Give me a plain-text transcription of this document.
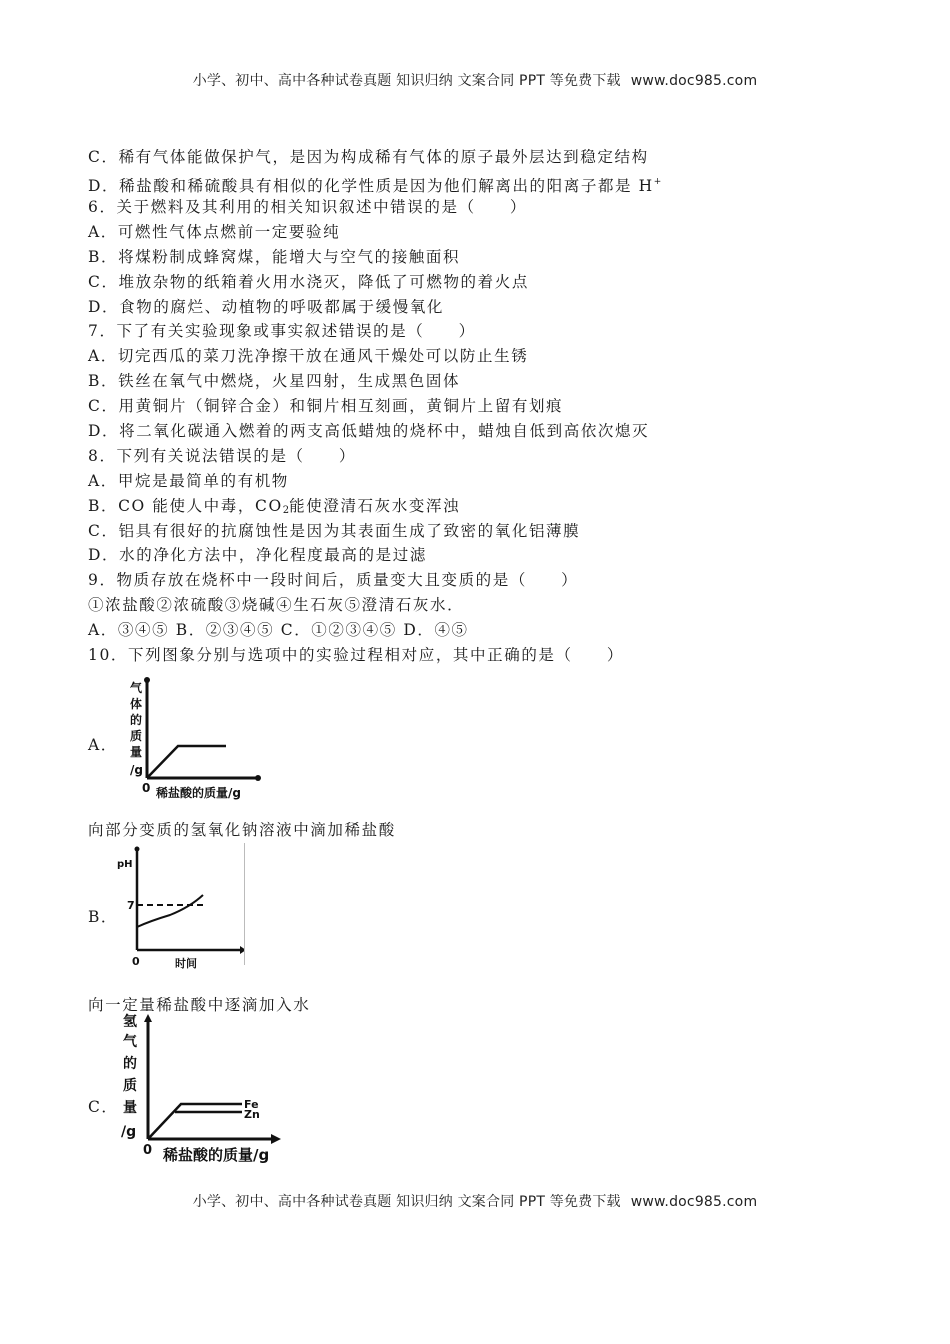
小学、初中、高中各种试卷真题 知识归纳 文案合同 PPT 等免费下载 www.doc985.com
C．稀有气体能做保护气，是因为构成稀有气体的原子最外层达到稳定结构
D．稀盐酸和稀硫酸具有相似的化学性质是因为他们解离出的阳离子都是 H+
6．关于燃料及其利用的相关知识叙述中错误的是（　　）
A．可燃性气体点燃前一定要验纯
B．将煤粉制成蜂窝煤，能增大与空气的接触面积
C．堆放杂物的纸箱着火用水浇灭，降低了可燃物的着火点
D．食物的腐烂、动植物的呼吸都属于缓慢氧化
7．下了有关实验现象或事实叙述错误的是（　　）
A．切完西瓜的菜刀洗净擦干放在通风干燥处可以防止生锈
B．铁丝在氧气中燃烧，火星四射，生成黑色固体
C．用黄铜片（铜锌合金）和铜片相互刻画，黄铜片上留有划痕
D．将二氧化碳通入燃着的两支高低蜡烛的烧杯中，蜡烛自低到高依次熄灭
8．下列有关说法错误的是（　　）
A．甲烷是最简单的有机物
B．CO 能使人中毒，$CO_2$能使澄清石灰水变浑浊
C．铝具有很好的抗腐蚀性是因为其表面生成了致密的氧化铝薄膜
D．水的净化方法中，净化程度最高的是过滤
9．物质存放在烧杯中一段时间后，质量变大且变质的是（　　）
①浓盐酸②浓硫酸③烧碱④生石灰⑤澄清石灰水．
A．③④⑤ B．②③④⑤ C．①②③④⑤ D．④⑤
10．下列图象分别与选项中的实验过程相对应，其中正确的是（　　）
A．
气
体
的
质
量
/g
0 稀盐酸的质量/g
向部分变质的氢氧化钠溶液中滴加稀盐酸
B．
pH
7
0	时间
向一定量稀盐酸中逐滴加入水
C．
氢
气
的
质
量
/g
Fe
Zn
0 稀盐酸的质量/g
小学、初中、高中各种试卷真题 知识归纳 文案合同 PPT 等免费下载 www.doc985.com
